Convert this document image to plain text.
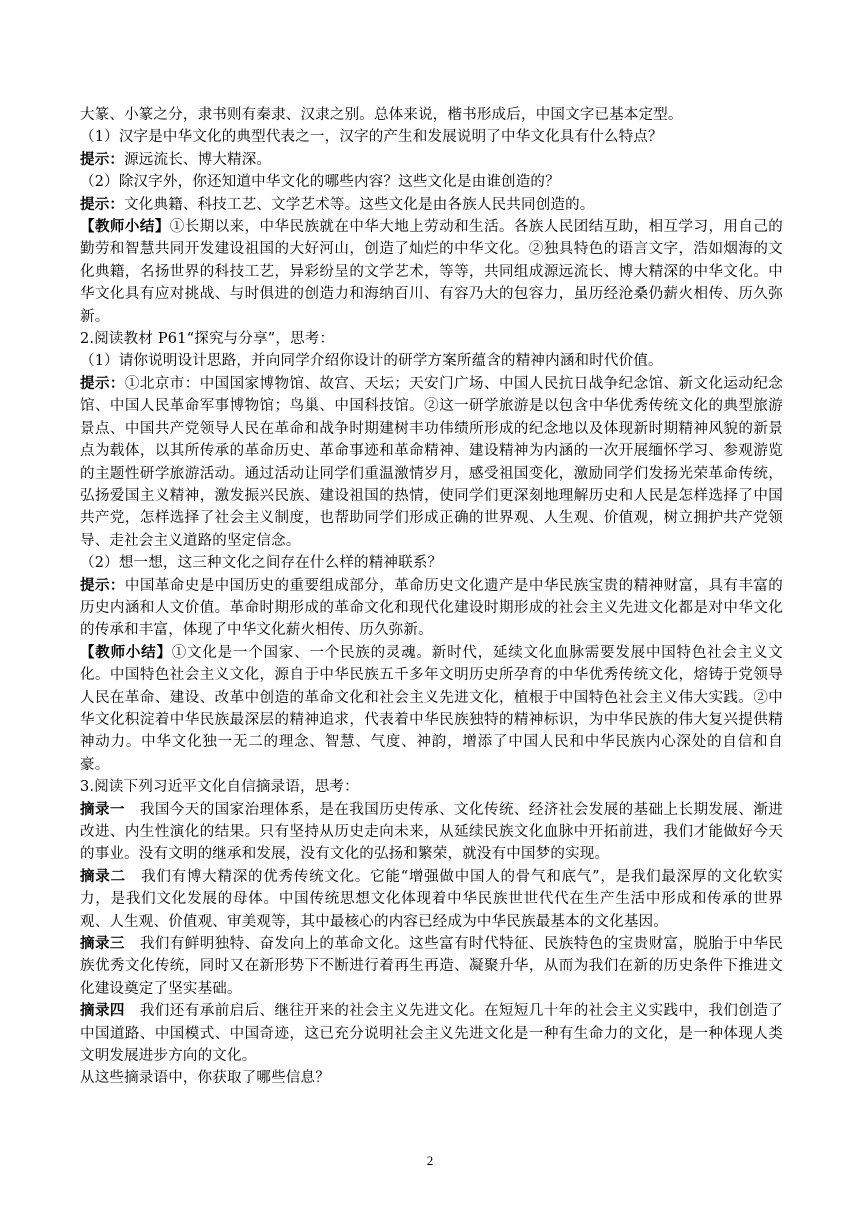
大篆、小篆之分，隶书则有秦隶、汉隶之别。总体来说，楷书形成后，中国文字已基本定型。

（1）汉字是中华文化的典型代表之一，汉字的产生和发展说明了中华文化具有什么特点？

提示：源远流长、博大精深。

（2）除汉字外，你还知道中华文化的哪些内容？这些文化是由谁创造的？

提示：文化典籍、科技工艺、文学艺术等。这些文化是由各族人民共同创造的。

【教师小结】①长期以来，中华民族就在中华大地上劳动和生活。各族人民团结互助，相互学习，用自己的勤劳和智慧共同开发建设祖国的大好河山，创造了灿烂的中华文化。②独具特色的语言文字，浩如烟海的文化典籍，名扬世界的科技工艺，异彩纷呈的文学艺术，等等，共同组成源远流长、博大精深的中华文化。中华文化具有应对挑战、与时俱进的创造力和海纳百川、有容乃大的包容力，虽历经沧桑仍薪火相传、历久弥新。

2.阅读教材 P61“探究与分享”，思考：

（1）请你说明设计思路，并向同学介绍你设计的研学方案所蕴含的精神内涵和时代价值。

提示：①北京市：中国国家博物馆、故宫、天坛；天安门广场、中国人民抗日战争纪念馆、新文化运动纪念馆、中国人民革命军事博物馆；鸟巢、中国科技馆。②这一研学旅游是以包含中华优秀传统文化的典型旅游景点、中国共产党领导人民在革命和战争时期建树丰功伟绩所形成的纪念地以及体现新时期精神风貌的新景点为载体，以其所传承的革命历史、革命事迹和革命精神、建设精神为内涵的一次开展缅怀学习、参观游览的主题性研学旅游活动。通过活动让同学们重温激情岁月，感受祖国变化，激励同学们发扬光荣革命传统，弘扬爱国主义精神，激发振兴民族、建设祖国的热情，使同学们更深刻地理解历史和人民是怎样选择了中国共产党，怎样选择了社会主义制度，也帮助同学们形成正确的世界观、人生观、价值观，树立拥护共产党领导、走社会主义道路的坚定信念。

（2）想一想，这三种文化之间存在什么样的精神联系？

提示：中国革命史是中国历史的重要组成部分，革命历史文化遗产是中华民族宝贵的精神财富，具有丰富的历史内涵和人文价值。革命时期形成的革命文化和现代化建设时期形成的社会主义先进文化都是对中华文化的传承和丰富，体现了中华文化薪火相传、历久弥新。

【教师小结】①文化是一个国家、一个民族的灵魂。新时代，延续文化血脉需要发展中国特色社会主义文化。中国特色社会主义文化，源自于中华民族五千多年文明历史所孕育的中华优秀传统文化，熔铸于党领导人民在革命、建设、改革中创造的革命文化和社会主义先进文化，植根于中国特色社会主义伟大实践。②中华文化积淀着中华民族最深层的精神追求，代表着中华民族独特的精神标识，为中华民族的伟大复兴提供精神动力。中华文化独一无二的理念、智慧、气度、神韵，增添了中国人民和中华民族内心深处的自信和自豪。

3.阅读下列习近平文化自信摘录语，思考：

摘录一　我国今天的国家治理体系，是在我国历史传承、文化传统、经济社会发展的基础上长期发展、渐进改进、内生性演化的结果。只有坚持从历史走向未来，从延续民族文化血脉中开拓前进，我们才能做好今天的事业。没有文明的继承和发展，没有文化的弘扬和繁荣，就没有中国梦的实现。

摘录二　我们有博大精深的优秀传统文化。它能“增强做中国人的骨气和底气”，是我们最深厚的文化软实力，是我们文化发展的母体。中国传统思想文化体现着中华民族世世代代在生产生活中形成和传承的世界观、人生观、价值观、审美观等，其中最核心的内容已经成为中华民族最基本的文化基因。

摘录三　我们有鲜明独特、奋发向上的革命文化。这些富有时代特征、民族特色的宝贵财富，脱胎于中华民族优秀文化传统，同时又在新形势下不断进行着再生再造、凝聚升华，从而为我们在新的历史条件下推进文化建设奠定了坚实基础。

摘录四　我们还有承前启后、继往开来的社会主义先进文化。在短短几十年的社会主义实践中，我们创造了中国道路、中国模式、中国奇迹，这已充分说明社会主义先进文化是一种有生命力的文化，是一种体现人类文明发展进步方向的文化。

从这些摘录语中，你获取了哪些信息？

2
